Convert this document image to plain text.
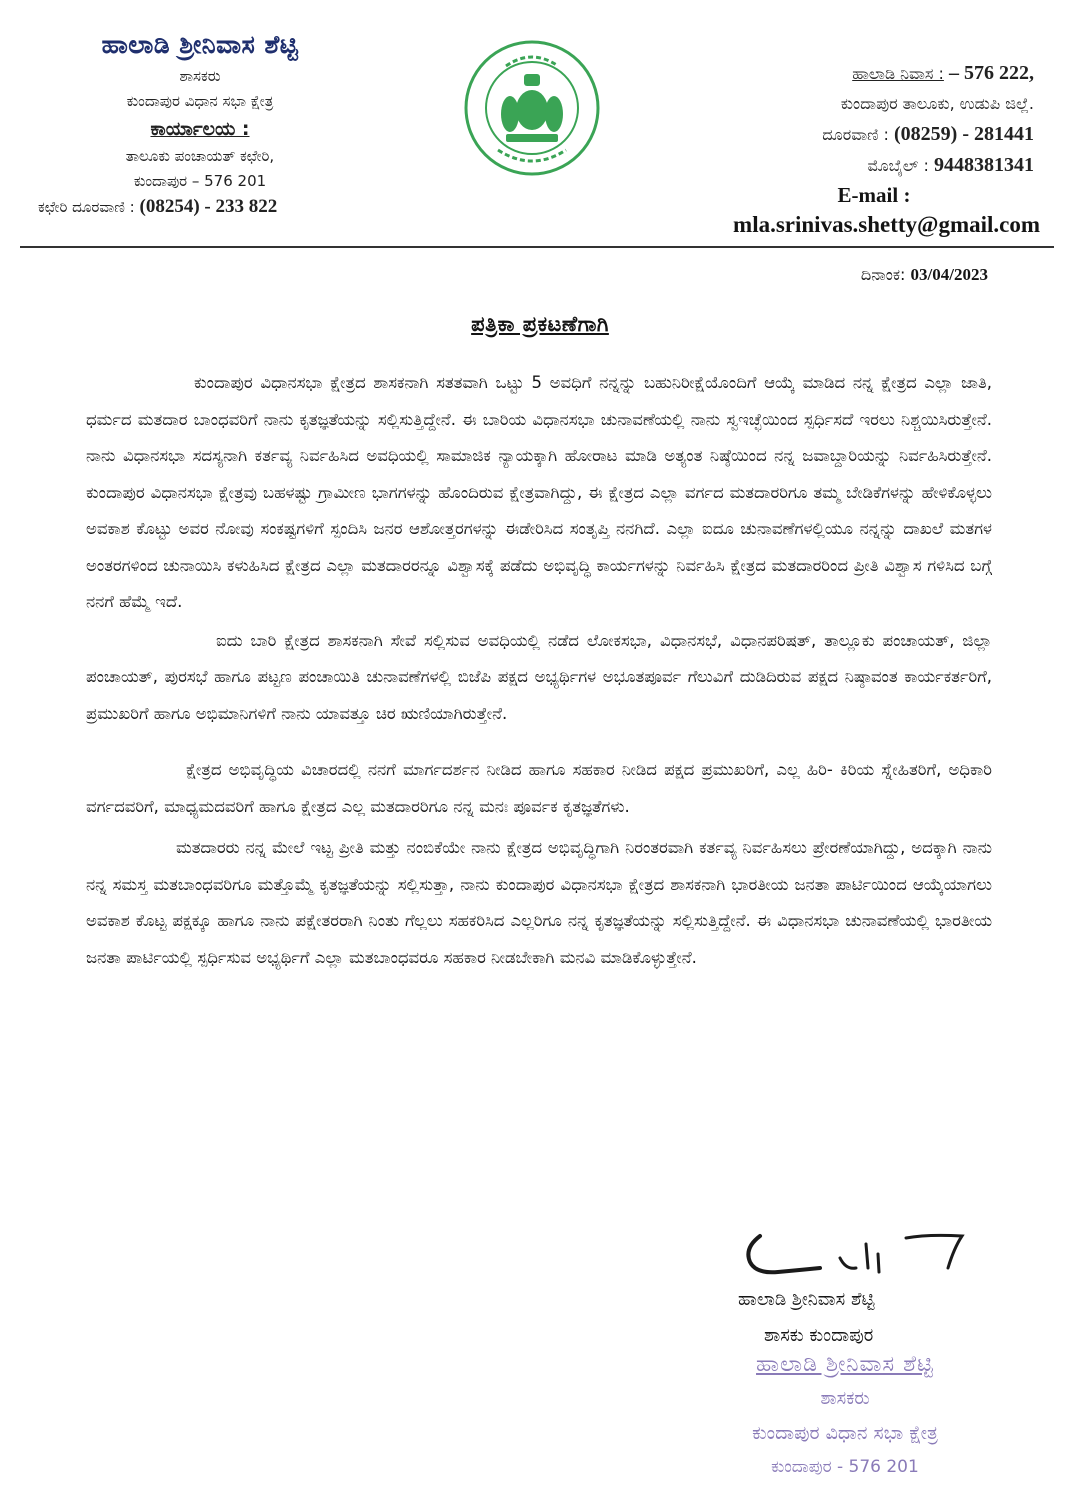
ಹಾಲಾಡಿ ಶ್ರೀನಿವಾಸ ಶೆಟ್ಟಿ
ಶಾಸಕರು
ಕುಂದಾಪುರ ವಿಧಾನ ಸಭಾ ಕ್ಷೇತ್ರ
ಕಾರ್ಯಾಲಯ :
ತಾಲೂಕು ಪಂಚಾಯತ್ ಕಛೇರಿ,
ಕುಂದಾಪುರ – 576 201
ಕಛೇರಿ ದೂರವಾಣಿ : (08254) - 233 822
ಹಾಲಾಡಿ ನಿವಾಸ : – 576 222,
ಕುಂದಾಪುರ ತಾಲೂಕು, ಉಡುಪಿ ಜಿಲ್ಲೆ.
ದೂರವಾಣಿ : (08259) - 281441
ಮೊಬೈಲ್ : 9448381341
E-mail :
mla.srinivas.shetty@gmail.com
ದಿನಾಂಕ: 03/04/2023
ಪತ್ರಿಕಾ ಪ್ರಕಟಣೆಗಾಗಿ

ಕುಂದಾಪುರ ವಿಧಾನಸಭಾ ಕ್ಷೇತ್ರದ ಶಾಸಕನಾಗಿ ಸತತವಾಗಿ ಒಟ್ಟು 5 ಅವಧಿಗೆ ನನ್ನನ್ನು ಬಹುನಿರೀಕ್ಷೆಯೊಂದಿಗೆ ಆಯ್ಕೆ ಮಾಡಿದ ನನ್ನ ಕ್ಷೇತ್ರದ ಎಲ್ಲಾ ಜಾತಿ, ಧರ್ಮದ ಮತದಾರ ಬಾಂಧವರಿಗೆ ನಾನು ಕೃತಜ್ಞತೆಯನ್ನು ಸಲ್ಲಿಸುತ್ತಿದ್ದೇನೆ. ಈ ಬಾರಿಯ ವಿಧಾನಸಭಾ ಚುನಾವಣೆಯಲ್ಲಿ ನಾನು ಸ್ವಇಚ್ಛೆಯಿಂದ ಸ್ಪರ್ಧಿಸದೆ ಇರಲು ನಿಶ್ಚಯಿಸಿರುತ್ತೇನೆ. ನಾನು ವಿಧಾನಸಭಾ ಸದಸ್ಯನಾಗಿ ಕರ್ತವ್ಯ ನಿರ್ವಹಿಸಿದ ಅವಧಿಯಲ್ಲಿ ಸಾಮಾಜಿಕ ನ್ಯಾಯಕ್ಕಾಗಿ ಹೋರಾಟ ಮಾಡಿ ಅತ್ಯಂತ ನಿಷ್ಠೆಯಿಂದ ನನ್ನ ಜವಾಬ್ದಾರಿಯನ್ನು ನಿರ್ವಹಿಸಿರುತ್ತೇನೆ. ಕುಂದಾಪುರ ವಿಧಾನಸಭಾ ಕ್ಷೇತ್ರವು ಬಹಳಷ್ಟು ಗ್ರಾಮೀಣ ಭಾಗಗಳನ್ನು ಹೊಂದಿರುವ ಕ್ಷೇತ್ರವಾಗಿದ್ದು, ಈ ಕ್ಷೇತ್ರದ ಎಲ್ಲಾ ವರ್ಗದ ಮತದಾರರಿಗೂ ತಮ್ಮ ಬೇಡಿಕೆಗಳನ್ನು ಹೇಳಿಕೊಳ್ಳಲು ಅವಕಾಶ ಕೊಟ್ಟು ಅವರ ನೋವು ಸಂಕಷ್ಟಗಳಿಗೆ ಸ್ಪಂದಿಸಿ ಜನರ ಆಶೋತ್ತರಗಳನ್ನು ಈಡೇರಿಸಿದ ಸಂತೃಪ್ತಿ ನನಗಿದೆ. ಎಲ್ಲಾ ಐದೂ ಚುನಾವಣೆಗಳಲ್ಲಿಯೂ ನನ್ನನ್ನು ದಾಖಲೆ ಮತಗಳ ಅಂತರಗಳಿಂದ ಚುನಾಯಿಸಿ ಕಳುಹಿಸಿದ ಕ್ಷೇತ್ರದ ಎಲ್ಲಾ ಮತದಾರರನ್ನೂ ವಿಶ್ವಾಸಕ್ಕೆ ಪಡೆದು ಅಭಿವೃದ್ಧಿ ಕಾರ್ಯಗಳನ್ನು ನಿರ್ವಹಿಸಿ ಕ್ಷೇತ್ರದ ಮತದಾರರಿಂದ ಪ್ರೀತಿ ವಿಶ್ವಾಸ ಗಳಿಸಿದ ಬಗ್ಗೆ ನನಗೆ ಹೆಮ್ಮೆ ಇದೆ.

ಐದು ಬಾರಿ ಕ್ಷೇತ್ರದ ಶಾಸಕನಾಗಿ ಸೇವೆ ಸಲ್ಲಿಸುವ ಅವಧಿಯಲ್ಲಿ ನಡೆದ ಲೋಕಸಭಾ, ವಿಧಾನಸಭೆ, ವಿಧಾನಪರಿಷತ್, ತಾಲ್ಲೂಕು ಪಂಚಾಯತ್, ಜಿಲ್ಲಾ ಪಂಚಾಯತ್, ಪುರಸಭೆ ಹಾಗೂ ಪಟ್ಟಣ ಪಂಚಾಯಿತಿ ಚುನಾವಣೆಗಳಲ್ಲಿ ಬಿಜೆಪಿ ಪಕ್ಷದ ಅಭ್ಯರ್ಥಿಗಳ ಅಭೂತಪೂರ್ವ ಗೆಲುವಿಗೆ ದುಡಿದಿರುವ ಪಕ್ಷದ ನಿಷ್ಠಾವಂತ ಕಾರ್ಯಕರ್ತರಿಗೆ, ಪ್ರಮುಖರಿಗೆ ಹಾಗೂ ಅಭಿಮಾನಿಗಳಿಗೆ ನಾನು ಯಾವತ್ತೂ ಚಿರ ಋಣಿಯಾಗಿರುತ್ತೇನೆ.

ಕ್ಷೇತ್ರದ ಅಭಿವೃದ್ಧಿಯ ವಿಚಾರದಲ್ಲಿ ನನಗೆ ಮಾರ್ಗದರ್ಶನ ನೀಡಿದ ಹಾಗೂ ಸಹಕಾರ ನೀಡಿದ ಪಕ್ಷದ ಪ್ರಮುಖರಿಗೆ, ಎಲ್ಲ ಹಿರಿ- ಕಿರಿಯ ಸ್ನೇಹಿತರಿಗೆ, ಅಧಿಕಾರಿ ವರ್ಗದವರಿಗೆ, ಮಾಧ್ಯಮದವರಿಗೆ ಹಾಗೂ ಕ್ಷೇತ್ರದ ಎಲ್ಲ ಮತದಾರರಿಗೂ ನನ್ನ ಮನಃ ಪೂರ್ವಕ ಕೃತಜ್ಞತೆಗಳು.

ಮತದಾರರು ನನ್ನ ಮೇಲೆ ಇಟ್ಟ ಪ್ರೀತಿ ಮತ್ತು ನಂಬಿಕೆಯೇ ನಾನು ಕ್ಷೇತ್ರದ ಅಭಿವೃದ್ಧಿಗಾಗಿ ನಿರಂತರವಾಗಿ ಕರ್ತವ್ಯ ನಿರ್ವಹಿಸಲು ಪ್ರೇರಣೆಯಾಗಿದ್ದು, ಅದಕ್ಕಾಗಿ ನಾನು ನನ್ನ ಸಮಸ್ತ ಮತಬಾಂಧವರಿಗೂ ಮತ್ತೊಮ್ಮೆ ಕೃತಜ್ಞತೆಯನ್ನು ಸಲ್ಲಿಸುತ್ತಾ, ನಾನು ಕುಂದಾಪುರ ವಿಧಾನಸಭಾ ಕ್ಷೇತ್ರದ ಶಾಸಕನಾಗಿ ಭಾರತೀಯ ಜನತಾ ಪಾರ್ಟಿಯಿಂದ ಆಯ್ಕೆಯಾಗಲು ಅವಕಾಶ ಕೊಟ್ಟ ಪಕ್ಷಕ್ಕೂ ಹಾಗೂ ನಾನು ಪಕ್ಷೇತರರಾಗಿ ನಿಂತು ಗೆಲ್ಲಲು ಸಹಕರಿಸಿದ ಎಲ್ಲರಿಗೂ ನನ್ನ ಕೃತಜ್ಞತೆಯನ್ನು ಸಲ್ಲಿಸುತ್ತಿದ್ದೇನೆ. ಈ ವಿಧಾನಸಭಾ ಚುನಾವಣೆಯಲ್ಲಿ ಭಾರತೀಯ ಜನತಾ ಪಾರ್ಟಿಯಲ್ಲಿ ಸ್ಪರ್ಧಿಸುವ ಅಭ್ಯರ್ಥಿಗೆ ಎಲ್ಲಾ ಮತಬಾಂಧವರೂ ಸಹಕಾರ ನೀಡಬೇಕಾಗಿ ಮನವಿ ಮಾಡಿಕೊಳ್ಳುತ್ತೇನೆ.

ಹಾಲಾಡಿ ಶ್ರೀನಿವಾಸ ಶೆಟ್ಟಿ
ಶಾಸಕು ಕುಂದಾಪುರ
ಹಾಲಾಡಿ ಶ್ರೀನಿವಾಸ ಶೆಟ್ಟಿ
ಶಾಸಕರು
ಕುಂದಾಪುರ ವಿಧಾನ ಸಭಾ ಕ್ಷೇತ್ರ
ಕುಂದಾಪುರ - 576 201
